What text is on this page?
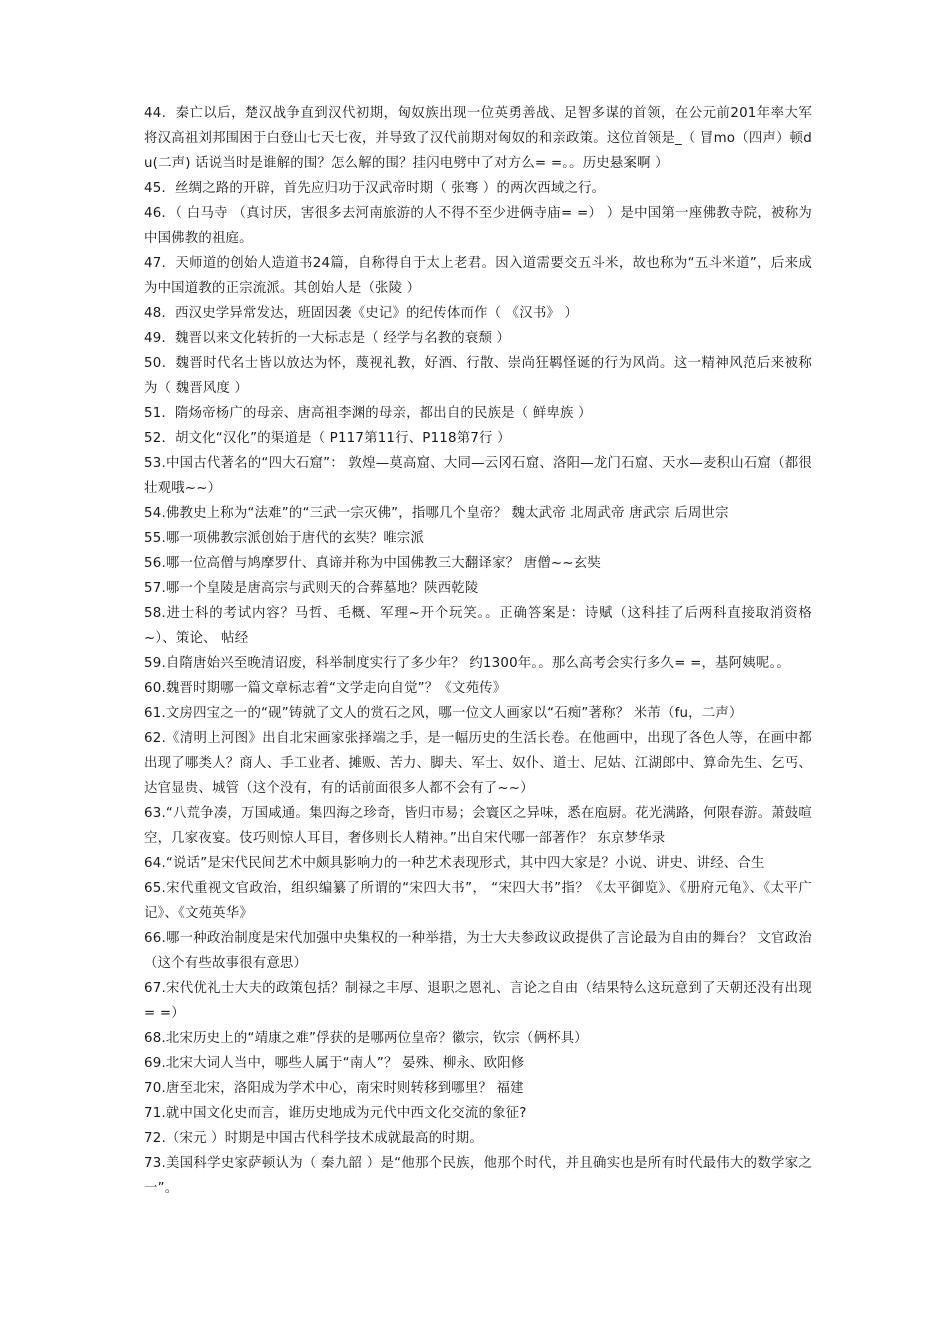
44．秦亡以后，楚汉战争直到汉代初期，匈奴族出现一位英勇善战、足智多谋的首领，在公元前201年率大军将汉高祖刘邦围困于白登山七天七夜，并导致了汉代前期对匈奴的和亲政策。这位首领是_（ 冒mo（四声）顿du(二声) 话说当时是谁解的围？怎么解的围？挂闪电劈中了对方么= =。。历史悬案啊 ）

45．丝绸之路的开辟，首先应归功于汉武帝时期（ 张骞 ）的两次西域之行。

46．（ 白马寺 （真讨厌，害很多去河南旅游的人不得不至少进俩寺庙= =） ）是中国第一座佛教寺院，被称为中国佛教的祖庭。

47．天师道的创始人造道书24篇，自称得自于太上老君。因入道需要交五斗米，故也称为“五斗米道”，后来成为中国道教的正宗流派。其创始人是（张陵 ）

48．西汉史学异常发达，班固因袭《史记》的纪传体而作（ 《汉书》 ）

49．魏晋以来文化转折的一大标志是（ 经学与名教的衰颓 ）

50．魏晋时代名士皆以放达为怀，蔑视礼教，好酒、行散、崇尚狂羁怪诞的行为风尚。这一精神风范后来被称为（ 魏晋风度 ）

51．隋炀帝杨广的母亲、唐高祖李渊的母亲，都出自的民族是（ 鲜卑族 ）

52．胡文化“汉化”的渠道是（ P117第11行、P118第7行 ）

53.中国古代著名的“四大石窟”： 敦煌—莫高窟、大同—云冈石窟、洛阳—龙门石窟、天水—麦积山石窟（都很壮观哦~~）

54.佛教史上称为“法难”的“三武一宗灭佛”，指哪几个皇帝？ 魏太武帝 北周武帝 唐武宗 后周世宗

55.哪一项佛教宗派创始于唐代的玄奘？唯宗派

56.哪一位高僧与鸠摩罗什、真谛并称为中国佛教三大翻译家？ 唐僧~~玄奘

57.哪一个皇陵是唐高宗与武则天的合葬墓地？陕西乾陵

58.进士科的考试内容？马哲、毛概、军理~开个玩笑。。正确答案是：诗赋（这科挂了后两科直接取消资格~）、策论、 帖经

59.自隋唐始兴至晚清诏废，科举制度实行了多少年？ 约1300年。。那么高考会实行多久= =，基阿姨呢。。

60.魏晋时期哪一篇文章标志着“文学走向自觉”？《文苑传》

61.文房四宝之一的“砚”铸就了文人的赏石之风，哪一位文人画家以“石痴”著称？ 米芾（fu，二声）

62.《清明上河图》出自北宋画家张择端之手，是一幅历史的生活长卷。在他画中，出现了各色人等，在画中都出现了哪类人？商人、手工业者、摊贩、苦力、脚夫、军士、奴仆、道士、尼姑、江湖郎中、算命先生、乞丐、达官显贵、城管（这个没有，有的话前面很多人都不会有了~~）

63.“八荒争凑，万国咸通。集四海之珍奇，皆归市易；会寰区之异味，悉在庖厨。花光满路，何限春游。萧鼓喧空，几家夜宴。伎巧则惊人耳目，奢侈则长人精神。”出自宋代哪一部著作？ 东京梦华录

64.“说话”是宋代民间艺术中颇具影响力的一种艺术表现形式，其中四大家是？小说、讲史、讲经、合生

65.宋代重视文官政治，组织编纂了所谓的“宋四大书”， “宋四大书”指？《太平御览》、《册府元龟》、《太平广记》、《文苑英华》

66.哪一种政治制度是宋代加强中央集权的一种举措，为士大夫参政议政提供了言论最为自由的舞台？ 文官政治（这个有些故事很有意思）

67.宋代优礼士大夫的政策包括？制禄之丰厚、退职之恩礼、言论之自由（结果特么这玩意到了天朝还没有出现= =）

68.北宋历史上的“靖康之难”俘获的是哪两位皇帝？徽宗，钦宗（俩杯具）

69.北宋大词人当中，哪些人属于“南人”？ 晏殊、柳永、欧阳修

70.唐至北宋，洛阳成为学术中心，南宋时则转移到哪里？ 福建

71.就中国文化史而言，谁历史地成为元代中西文化交流的象征?

72.（宋元 ）时期是中国古代科学技术成就最高的时期。

73.美国科学史家萨顿认为（ 秦九韶 ）是“他那个民族，他那个时代，并且确实也是所有时代最伟大的数学家之一”。
